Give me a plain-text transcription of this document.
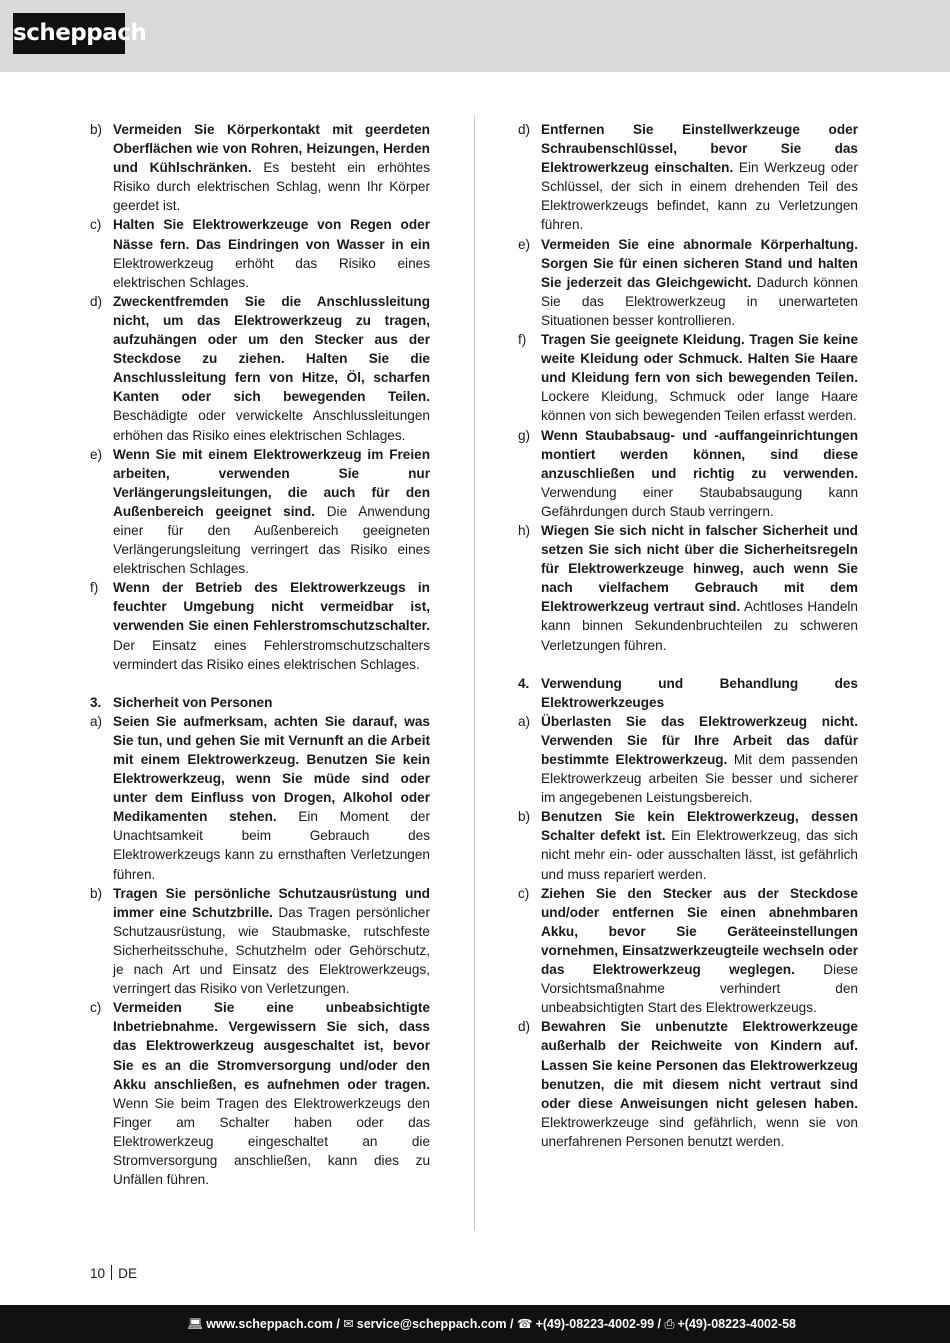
scheppach
b) Vermeiden Sie Körperkontakt mit geerdeten Oberflächen wie von Rohren, Heizungen, Herden und Kühlschränken. Es besteht ein erhöhtes Risiko durch elektrischen Schlag, wenn Ihr Körper geerdet ist.
c) Halten Sie Elektrowerkzeuge von Regen oder Nässe fern. Das Eindringen von Wasser in ein Elektrowerkzeug erhöht das Risiko eines elektrischen Schlages.
d) Zweckentfremden Sie die Anschlussleitung nicht, um das Elektrowerkzeug zu tragen, aufzuhängen oder um den Stecker aus der Steckdose zu ziehen. Halten Sie die Anschlussleitung fern von Hitze, Öl, scharfen Kanten oder sich bewegenden Teilen. Beschädigte oder verwickelte Anschlussleitungen erhöhen das Risiko eines elektrischen Schlages.
e) Wenn Sie mit einem Elektrowerkzeug im Freien arbeiten, verwenden Sie nur Verlängerungsleitungen, die auch für den Außenbereich geeignet sind. Die Anwendung einer für den Außenbereich geeigneten Verlängerungsleitung verringert das Risiko eines elektrischen Schlages.
f) Wenn der Betrieb des Elektrowerkzeugs in feuchter Umgebung nicht vermeidbar ist, verwenden Sie einen Fehlerstromschutzschalter. Der Einsatz eines Fehlerstromschutzschalters vermindert das Risiko eines elektrischen Schlages.
3. Sicherheit von Personen
a) Seien Sie aufmerksam, achten Sie darauf, was Sie tun, und gehen Sie mit Vernunft an die Arbeit mit einem Elektrowerkzeug. Benutzen Sie kein Elektrowerkzeug, wenn Sie müde sind oder unter dem Einfluss von Drogen, Alkohol oder Medikamenten stehen. Ein Moment der Unachtsamkeit beim Gebrauch des Elektrowerkzeugs kann zu ernsthaften Verletzungen führen.
b) Tragen Sie persönliche Schutzausrüstung und immer eine Schutzbrille. Das Tragen persönlicher Schutzausrüstung, wie Staubmaske, rutschfeste Sicherheitsschuhe, Schutzhelm oder Gehörschutz, je nach Art und Einsatz des Elektrowerkzeugs, verringert das Risiko von Verletzungen.
c) Vermeiden Sie eine unbeabsichtigte Inbetriebnahme. Vergewissern Sie sich, dass das Elektrowerkzeug ausgeschaltet ist, bevor Sie es an die Stromversorgung und/oder den Akku anschließen, es aufnehmen oder tragen. Wenn Sie beim Tragen des Elektrowerkzeugs den Finger am Schalter haben oder das Elektrowerkzeug eingeschaltet an die Stromversorgung anschließen, kann dies zu Unfällen führen.
d) Entfernen Sie Einstellwerkzeuge oder Schraubenschlüssel, bevor Sie das Elektrowerkzeug einschalten. Ein Werkzeug oder Schlüssel, der sich in einem drehenden Teil des Elektrowerkzeugs befindet, kann zu Verletzungen führen.
e) Vermeiden Sie eine abnormale Körperhaltung. Sorgen Sie für einen sicheren Stand und halten Sie jederzeit das Gleichgewicht. Dadurch können Sie das Elektrowerkzeug in unerwarteten Situationen besser kontrollieren.
f) Tragen Sie geeignete Kleidung. Tragen Sie keine weite Kleidung oder Schmuck. Halten Sie Haare und Kleidung fern von sich bewegenden Teilen. Lockere Kleidung, Schmuck oder lange Haare können von sich bewegenden Teilen erfasst werden.
g) Wenn Staubabsaug- und -auffangeinrichtungen montiert werden können, sind diese anzuschließen und richtig zu verwenden. Verwendung einer Staubabsaugung kann Gefährdungen durch Staub verringern.
h) Wiegen Sie sich nicht in falscher Sicherheit und setzen Sie sich nicht über die Sicherheitsregeln für Elektrowerkzeuge hinweg, auch wenn Sie nach vielfachem Gebrauch mit dem Elektrowerkzeug vertraut sind. Achtloses Handeln kann binnen Sekundenbruchteilen zu schweren Verletzungen führen.
4. Verwendung und Behandlung des Elektrowerkzeuges
a) Überlasten Sie das Elektrowerkzeug nicht. Verwenden Sie für Ihre Arbeit das dafür bestimmte Elektrowerkzeug. Mit dem passenden Elektrowerkzeug arbeiten Sie besser und sicherer im angegebenen Leistungsbereich.
b) Benutzen Sie kein Elektrowerkzeug, dessen Schalter defekt ist. Ein Elektrowerkzeug, das sich nicht mehr ein- oder ausschalten lässt, ist gefährlich und muss repariert werden.
c) Ziehen Sie den Stecker aus der Steckdose und/oder entfernen Sie einen abnehmbaren Akku, bevor Sie Geräteeinstellungen vornehmen, Einsatzwerkzeugteile wechseln oder das Elektrowerkzeug weglegen. Diese Vorsichtsmaßnahme verhindert den unbeabsichtigten Start des Elektrowerkzeugs.
d) Bewahren Sie unbenutzte Elektrowerkzeuge außerhalb der Reichweite von Kindern auf. Lassen Sie keine Personen das Elektrowerkzeug benutzen, die mit diesem nicht vertraut sind oder diese Anweisungen nicht gelesen haben. Elektrowerkzeuge sind gefährlich, wenn sie von unerfahrenen Personen benutzt werden.
10 DE
💻︎ www.scheppach.com / ✉︎ service@scheppach.com / ☎︎ +(49)-08223-4002-99 / ⎙ +(49)-08223-4002-58
